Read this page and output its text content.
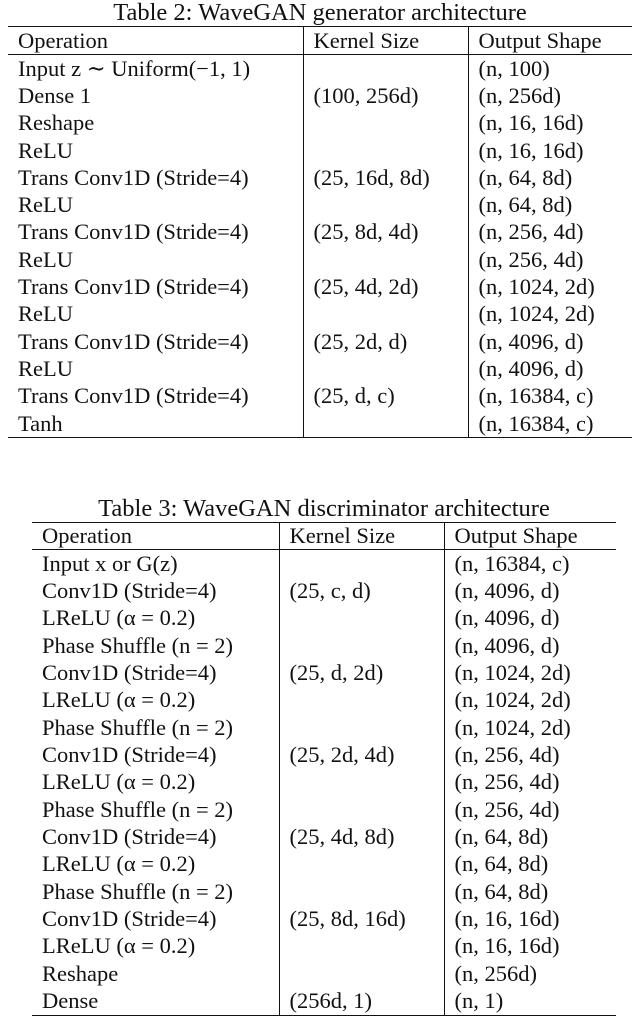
Table 2: WaveGAN generator architecture
Operation	Kernel Size	Output Shape
Input z ∼ Uniform(−1, 1)		(n, 100)
Dense 1	(100, 256d)	(n, 256d)
Reshape		(n, 16, 16d)
ReLU		(n, 16, 16d)
Trans Conv1D (Stride=4)	(25, 16d, 8d)	(n, 64, 8d)
ReLU		(n, 64, 8d)
Trans Conv1D (Stride=4)	(25, 8d, 4d)	(n, 256, 4d)
ReLU		(n, 256, 4d)
Trans Conv1D (Stride=4)	(25, 4d, 2d)	(n, 1024, 2d)
ReLU		(n, 1024, 2d)
Trans Conv1D (Stride=4)	(25, 2d, d)	(n, 4096, d)
ReLU		(n, 4096, d)
Trans Conv1D (Stride=4)	(25, d, c)	(n, 16384, c)
Tanh		(n, 16384, c)
Table 3: WaveGAN discriminator architecture
Operation	Kernel Size	Output Shape
Input x or G(z)		(n, 16384, c)
Conv1D (Stride=4)	(25, c, d)	(n, 4096, d)
LReLU (α = 0.2)		(n, 4096, d)
Phase Shuffle (n = 2)		(n, 4096, d)
Conv1D (Stride=4)	(25, d, 2d)	(n, 1024, 2d)
LReLU (α = 0.2)		(n, 1024, 2d)
Phase Shuffle (n = 2)		(n, 1024, 2d)
Conv1D (Stride=4)	(25, 2d, 4d)	(n, 256, 4d)
LReLU (α = 0.2)		(n, 256, 4d)
Phase Shuffle (n = 2)		(n, 256, 4d)
Conv1D (Stride=4)	(25, 4d, 8d)	(n, 64, 8d)
LReLU (α = 0.2)		(n, 64, 8d)
Phase Shuffle (n = 2)		(n, 64, 8d)
Conv1D (Stride=4)	(25, 8d, 16d)	(n, 16, 16d)
LReLU (α = 0.2)		(n, 16, 16d)
Reshape		(n, 256d)
Dense	(256d, 1)	(n, 1)
